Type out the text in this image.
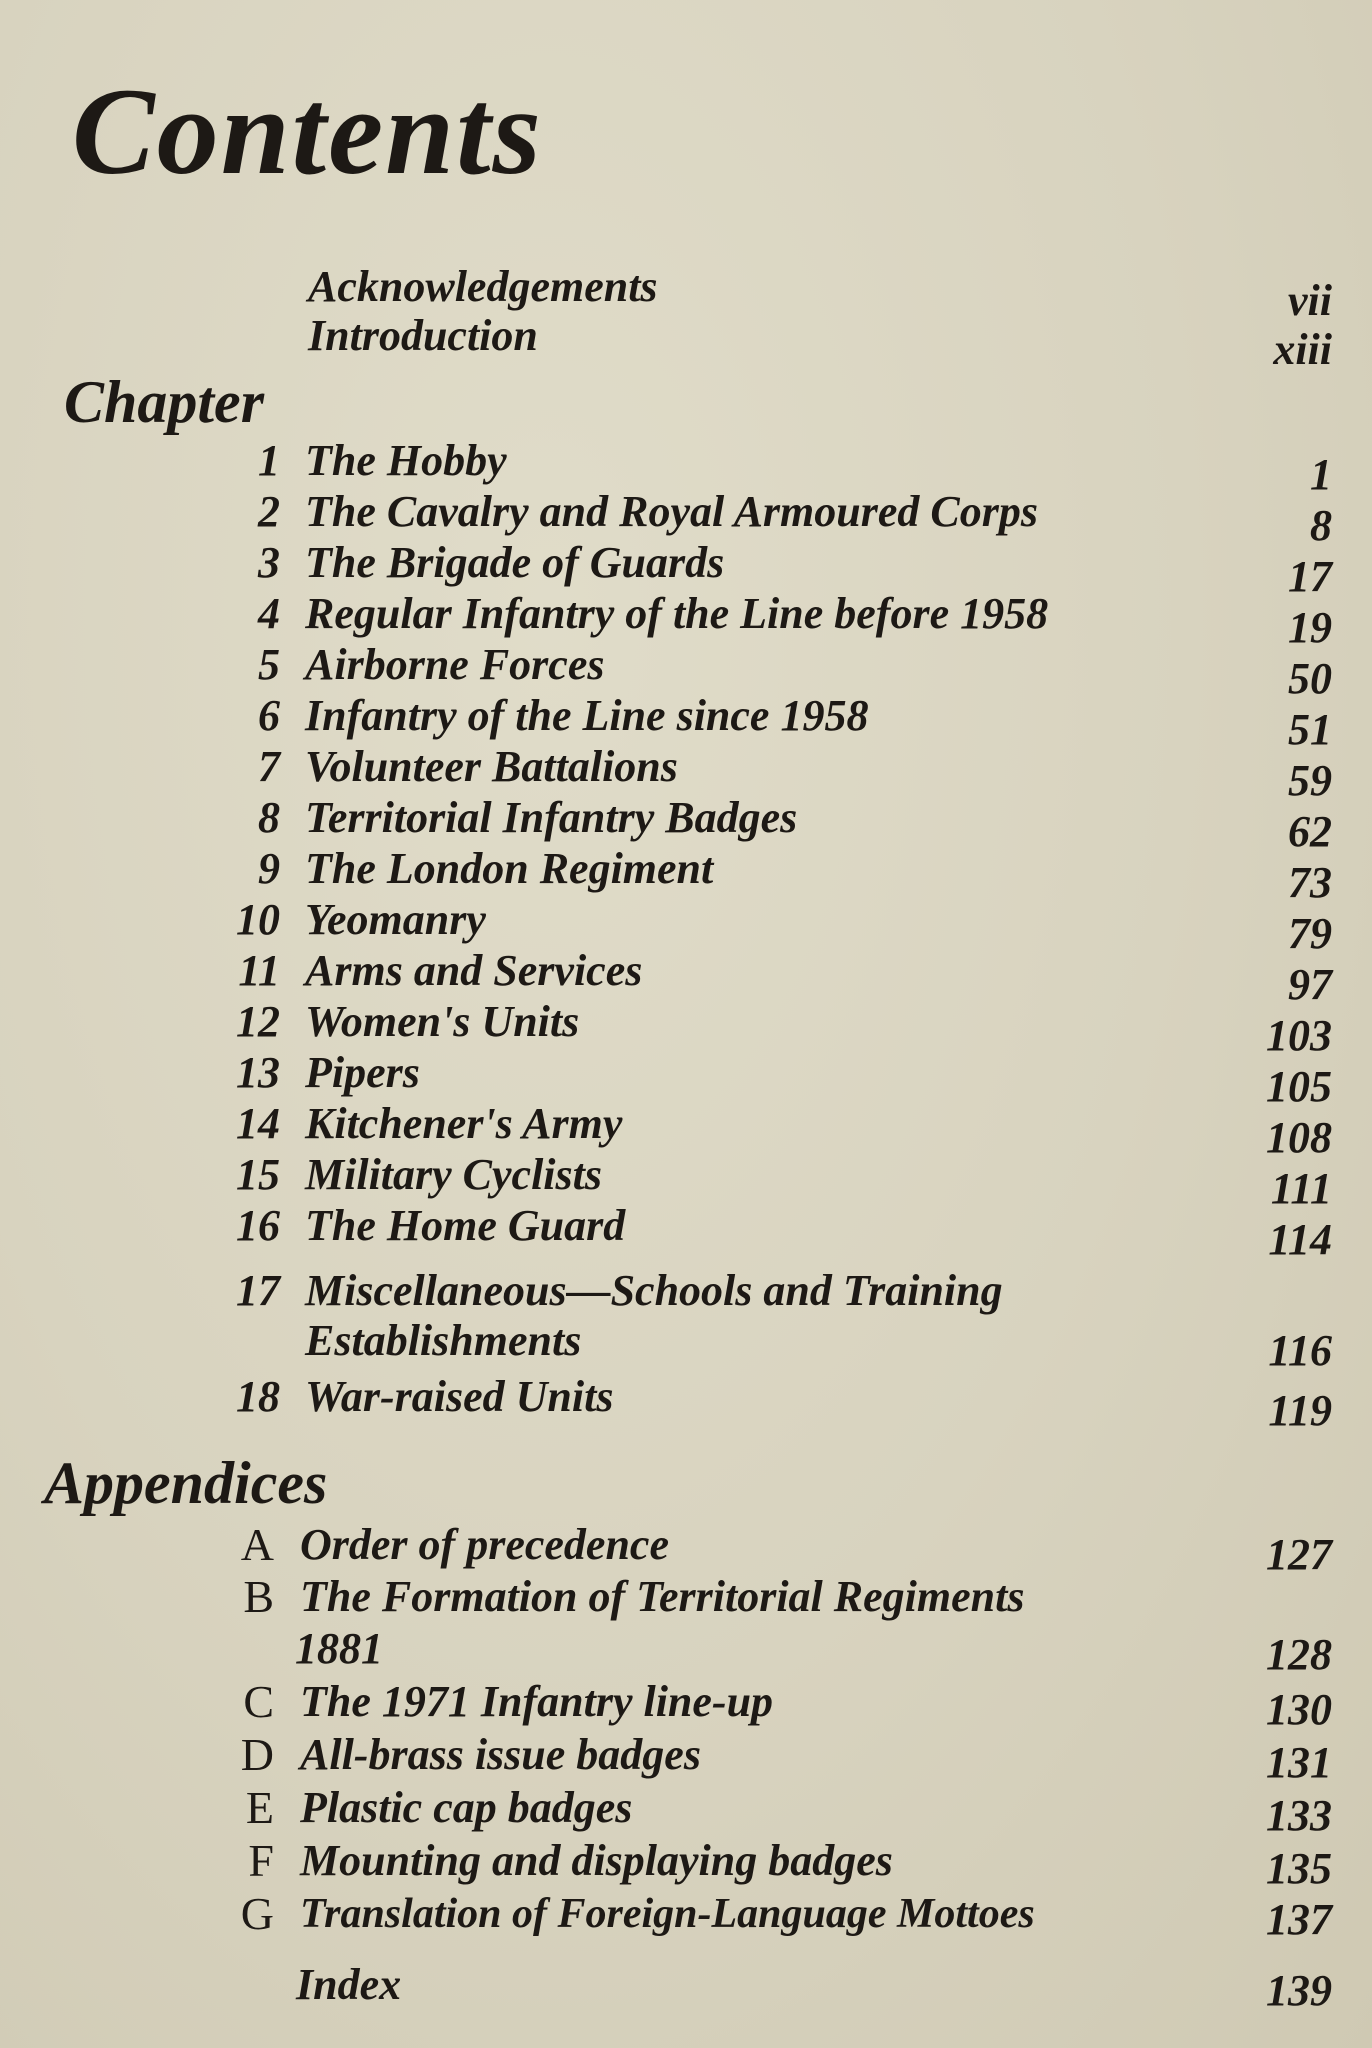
Contents
Acknowledgements	vii
Introduction	xiii
Chapter
1 The Hobby	1
2 The Cavalry and Royal Armoured Corps	8
3 The Brigade of Guards	17
4 Regular Infantry of the Line before 1958	19
5 Airborne Forces	50
6 Infantry of the Line since 1958	51
7 Volunteer Battalions	59
8 Territorial Infantry Badges	62
9 The London Regiment	73
10 Yeomanry	79
11 Arms and Services	97
12 Women's Units	103
13 Pipers	105
14 Kitchener's Army	108
15 Military Cyclists	111
16 The Home Guard	114
17 Miscellaneous—Schools and Training
Establishments	116
18 War-raised Units	119
Appendices
A Order of precedence	127
B The Formation of Territorial Regiments
1881	128
C The 1971 Infantry line-up	130
D All-brass issue badges	131
E Plastic cap badges	133
F Mounting and displaying badges	135
G Translation of Foreign-Language Mottoes	137
Index	139
